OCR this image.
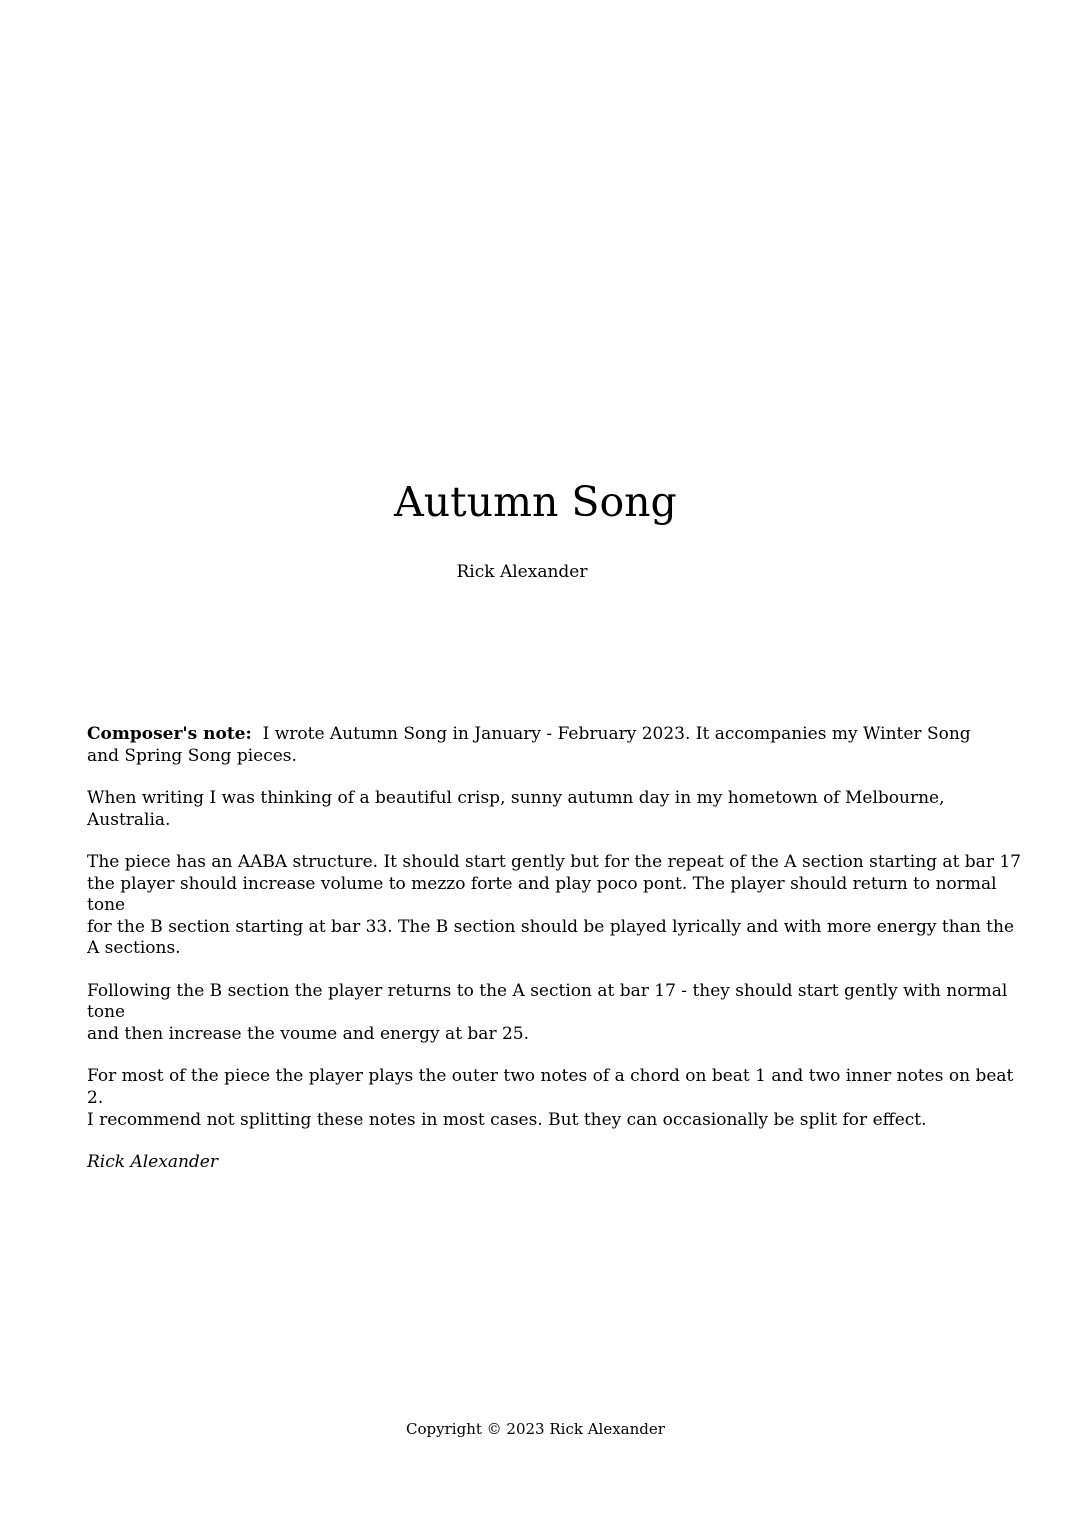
Autumn Song
Rick Alexander

Composer's note: I wrote Autumn Song in January - February 2023. It accompanies my Winter Song
and Spring Song pieces.

When writing I was thinking of a beautiful crisp, sunny autumn day in my hometown of Melbourne, Australia.

The piece has an AABA structure. It should start gently but for the repeat of the A section starting at bar 17
the player should increase volume to mezzo forte and play poco pont. The player should return to normal tone
for the B section starting at bar 33. The B section should be played lyrically and with more energy than the
A sections.

Following the B section the player returns to the A section at bar 17 - they should start gently with normal tone
and then increase the voume and energy at bar 25.

For most of the piece the player plays the outer two notes of a chord on beat 1 and two inner notes on beat 2.
I recommend not splitting these notes in most cases. But they can occasionally be split for effect.

Rick Alexander

Copyright © 2023 Rick Alexander
